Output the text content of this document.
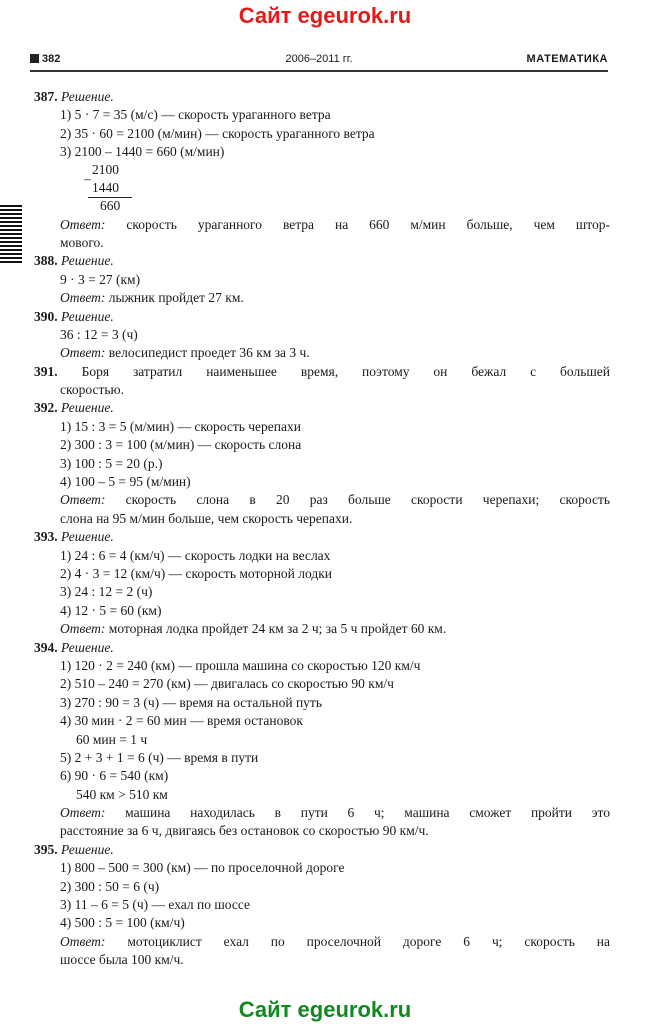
Сайт egeurok.ru
382	2006–2011 гг.	МАТЕМАТИКА
387. Решение.
1) 5 · 7 = 35 (м/с) — скорость ураганного ветра
2) 35 · 60 = 2100 (м/мин) — скорость ураганного ветра
3) 2100 – 1440 = 660 (м/мин)
2100
–
1440
660
Ответ: скорость ураганного ветра на 660 м/мин больше, чем штор-
мового.
388. Решение.
9 · 3 = 27 (км)
Ответ: лыжник пройдет 27 км.
390. Решение.
36 : 12 = 3 (ч)
Ответ: велосипедист проедет 36 км за 3 ч.
391. Боря затратил наименьшее время, поэтому он бежал с большей
скоростью.
392. Решение.
1) 15 : 3 = 5 (м/мин) — скорость черепахи
2) 300 : 3 = 100 (м/мин) — скорость слона
3) 100 : 5 = 20 (р.)
4) 100 – 5 = 95 (м/мин)
Ответ: скорость слона в 20 раз больше скорости черепахи; скорость
слона на 95 м/мин больше, чем скорость черепахи.
393. Решение.
1) 24 : 6 = 4 (км/ч) — скорость лодки на веслах
2) 4 · 3 = 12 (км/ч) — скорость моторной лодки
3) 24 : 12 = 2 (ч)
4) 12 · 5 = 60 (км)
Ответ: моторная лодка пройдет 24 км за 2 ч; за 5 ч пройдет 60 км.
394. Решение.
1) 120 · 2 = 240 (км) — прошла машина со скоростью 120 км/ч
2) 510 – 240 = 270 (км) — двигалась со скоростью 90 км/ч
3) 270 : 90 = 3 (ч) — время на остальной путь
4) 30 мин · 2 = 60 мин — время остановок
60 мин = 1 ч
5) 2 + 3 + 1 = 6 (ч) — время в пути
6) 90 · 6 = 540 (км)
540 км > 510 км
Ответ: машина находилась в пути 6 ч; машина сможет пройти это
расстояние за 6 ч, двигаясь без остановок со скоростью 90 км/ч.
395. Решение.
1) 800 – 500 = 300 (км) — по проселочной дороге
2) 300 : 50 = 6 (ч)
3) 11 – 6 = 5 (ч) — ехал по шоссе
4) 500 : 5 = 100 (км/ч)
Ответ: мотоциклист ехал по проселочной дороге 6 ч; скорость на
шоссе была 100 км/ч.
Сайт egeurok.ru
